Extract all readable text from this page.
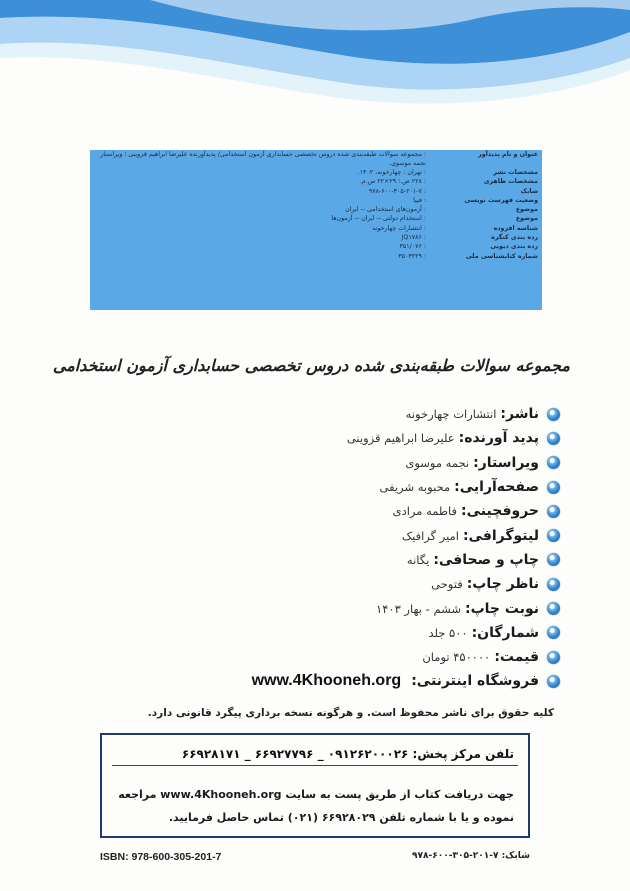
عنوان و نام پدیدآور
: مجموعه سوالات طبقه‌بندی شده دروس تخصصی حسابداری آزمون استخدامی/ پدیدآورنده علیرضا ابراهیم قزوینی ؛ ویراستار نجمه موسوی.
مشخصات نشر
: تهران : چهارخونه، ۱۴۰۲.
مشخصات ظاهری
: ۲۲۸ ص.؛ ۲۹×۲۲ س.م.
شابک
: ۹۷۸-۶۰۰-۳۰۵-۲۰۱-۷
وضعیت فهرست نویسی
: فیپا
موضوع
: آزمون‌های استخدامی -- ایران
موضوع
: استخدام دولتی -- ایران -- آزمون‌ها
شناسه افزوده
: انتشارات چهارخونه
رده بندی کنگره
: JQ۱۷۸۶
رده بندی دیویی
: ۳۵۱/۰۷۶
شماره کتابشناسی ملی
: ۳۵۰۳۲۲۹
مجموعه سوالات طبقه‌بندی شده دروس تخصصی حسابداری آزمون استخدامی
ناشر:
انتشارات چهارخونه
پدید آورنده:
علیرضا ابراهیم قزوینی
ویراستار:
نجمه موسوی
صفحه‌آرایی:
محبوبه شریفی
حروفچینی:
فاطمه مرادی
لیتوگرافی:
امیر گرافیک
چاپ و صحافی:
یگانه
ناظر چاپ:
فتوحی
نوبت چاپ:
ششم - بهار ۱۴۰۳
شمارگان:
۵۰۰ جلد
قیمت:
۴۵۰۰۰۰ تومان
فروشگاه اینترنتی:
www.4Khooneh.org
کلیه حقوق برای ناشر محفوظ است. و هرگونه نسخه برداری پیگرد قانونی دارد.
تلفن مرکز پخش: ۰۹۱۲۶۲۰۰۰۲۶ _ ۶۶۹۲۷۷۹۶ _ ۶۶۹۲۸۱۷۱
جهت دریافت کتاب از طریق پست به سایت www.4Khooneh.org مراجعه
نموده و یا با شماره تلفن ۶۶۹۲۸۰۲۹ (۰۲۱) تماس حاصل فرمایید.
ISBN: 978-600-305-201-7	شابک: ۷-۲۰۱-۳۰۵-۶۰۰-۹۷۸
